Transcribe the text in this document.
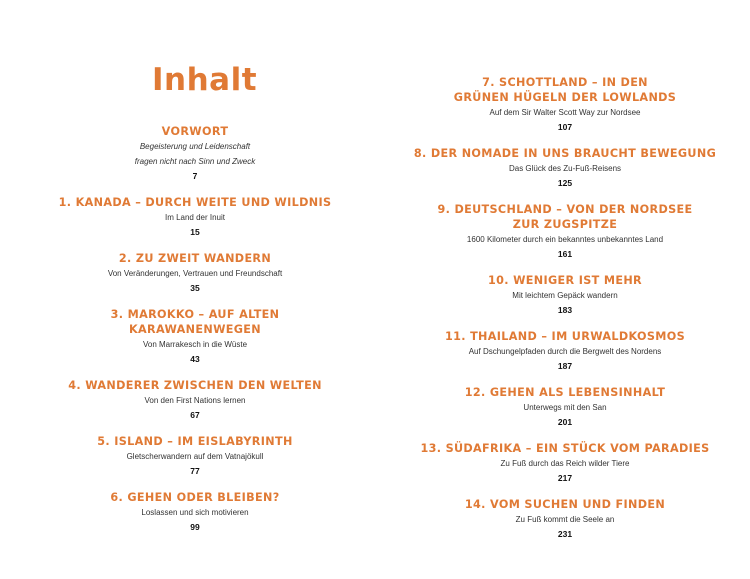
Inhalt

VORWORT

Begeisterung und Leidenschaft

fragen nicht nach Sinn und Zweck

7

1. KANADA – DURCH WEITE UND WILDNIS

Im Land der Inuit

15

2. ZU ZWEIT WANDERN

Von Veränderungen, Vertrauen und Freundschaft

35

3. MAROKKO – AUF ALTEN

KARAWANENWEGEN

Von Marrakesch in die Wüste

43

4. WANDERER ZWISCHEN DEN WELTEN

Von den First Nations lernen

67

5. ISLAND – IM EISLABYRINTH

Gletscherwandern auf dem Vatnajökull

77

6. GEHEN ODER BLEIBEN?

Loslassen und sich motivieren

99

7. SCHOTTLAND – IN DEN

GRÜNEN HÜGELN DER LOWLANDS

Auf dem Sir Walter Scott Way zur Nordsee

107

8. DER NOMADE IN UNS BRAUCHT BEWEGUNG

Das Glück des Zu-Fuß-Reisens

125

9. DEUTSCHLAND – VON DER NORDSEE

ZUR ZUGSPITZE

1600 Kilometer durch ein bekanntes unbekanntes Land

161

10. WENIGER IST MEHR

Mit leichtem Gepäck wandern

183

11. THAILAND – IM URWALDKOSMOS

Auf Dschungelpfaden durch die Bergwelt des Nordens

187

12. GEHEN ALS LEBENSINHALT

Unterwegs mit den San

201

13. SÜDAFRIKA – EIN STÜCK VOM PARADIES

Zu Fuß durch das Reich wilder Tiere

217

14. VOM SUCHEN UND FINDEN

Zu Fuß kommt die Seele an

231
